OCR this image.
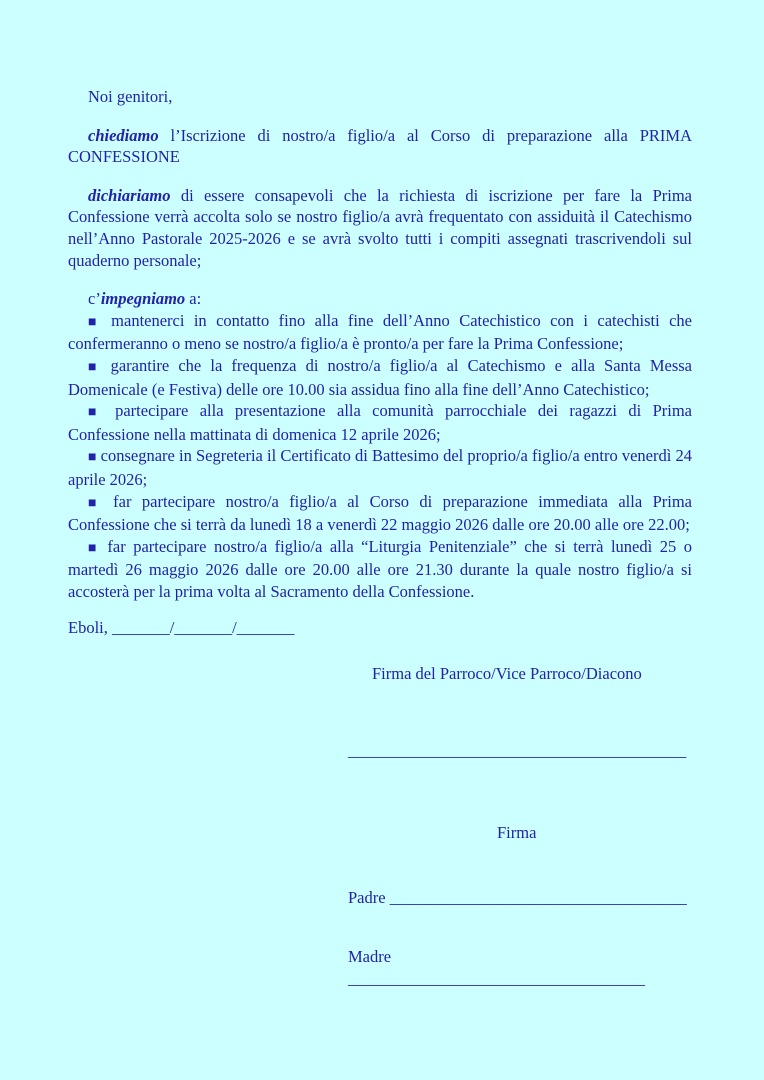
Noi genitori,

chiediamo l’Iscrizione di nostro/a figlio/a al Corso di preparazione alla PRIMA CONFESSIONE

dichiariamo di essere consapevoli che la richiesta di iscrizione per fare la Prima Confessione verrà accolta solo se nostro figlio/a avrà frequentato con assiduità il Catechismo nell’Anno Pastorale 2025-2026 e se avrà svolto tutti i compiti assegnati trascrivendoli sul quaderno personale;

c’impegniamo a:

■ mantenerci in contatto fino alla fine dell’Anno Catechistico con i catechisti che confermeranno o meno se nostro/a figlio/a è pronto/a per fare la Prima Confessione;

■ garantire che la frequenza di nostro/a figlio/a al Catechismo e alla Santa Messa Domenicale (e Festiva) delle ore 10.00 sia assidua fino alla fine dell’Anno Catechistico;

■ partecipare alla presentazione alla comunità parrocchiale dei ragazzi di Prima Confessione nella mattinata di domenica 12 aprile 2026;

■ consegnare in Segreteria il Certificato di Battesimo del proprio/a figlio/a entro venerdì 24 aprile 2026;

■ far partecipare nostro/a figlio/a al Corso di preparazione immediata alla Prima Confessione che si terrà da lunedì 18 a venerdì 22 maggio 2026 dalle ore 20.00 alle ore 22.00;

■ far partecipare nostro/a figlio/a alla “Liturgia Penitenziale” che si terrà lunedì 25 o martedì 26 maggio 2026 dalle ore 20.00 alle ore 21.30 durante la quale nostro figlio/a si accosterà per la prima volta al Sacramento della Confessione.

Eboli, _______/_______/_______

Firma del Parroco/Vice Parroco/Diacono

_________________________________________

Firma

Padre ____________________________________

Madre ____________________________________
